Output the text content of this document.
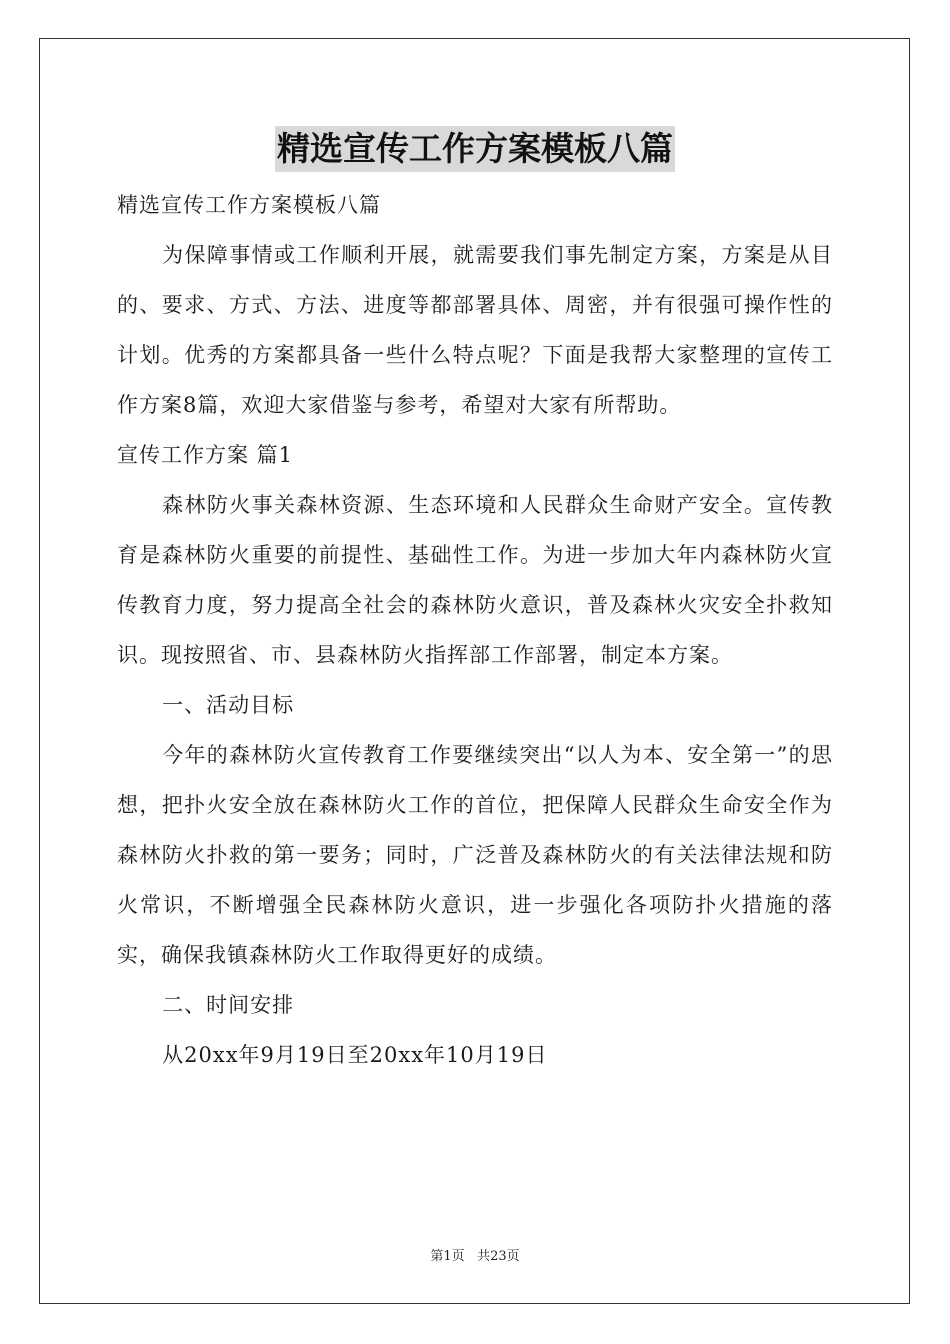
精选宣传工作方案模板八篇

精选宣传工作方案模板八篇

为保障事情或工作顺利开展，就需要我们事先制定方案，方案是从目的、要求、方式、方法、进度等都部署具体、周密，并有很强可操作性的计划。优秀的方案都具备一些什么特点呢？下面是我帮大家整理的宣传工作方案8篇，欢迎大家借鉴与参考，希望对大家有所帮助。

宣传工作方案 篇1

森林防火事关森林资源、生态环境和人民群众生命财产安全。宣传教育是森林防火重要的前提性、基础性工作。为进一步加大年内森林防火宣传教育力度，努力提高全社会的森林防火意识，普及森林火灾安全扑救知识。现按照省、市、县森林防火指挥部工作部署，制定本方案。

一、活动目标

今年的森林防火宣传教育工作要继续突出“以人为本、安全第一”的思想，把扑火安全放在森林防火工作的首位，把保障人民群众生命安全作为森林防火扑救的第一要务；同时，广泛普及森林防火的有关法律法规和防火常识，不断增强全民森林防火意识，进一步强化各项防扑火措施的落实，确保我镇森林防火工作取得更好的成绩。

二、时间安排

从20xx年9月19日至20xx年10月19日

第1页 共23页
